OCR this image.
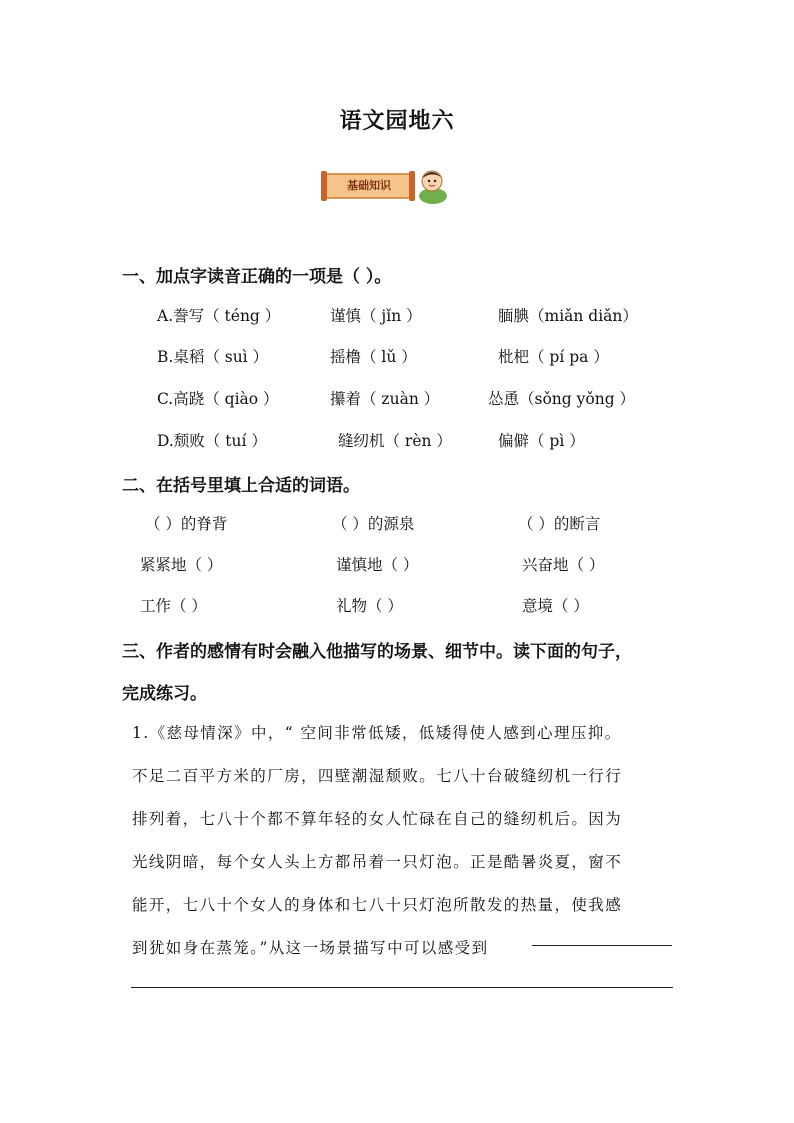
语文园地六
基础知识
一、加点字读音正确的一项是（ ）。
A.誊写（ téng ）	谨慎（ jǐn ）	腼腆（miǎn diǎn）
B.桌稻（ suì ）	摇橹（ lǔ ）	枇杷（ pí pa ）
C.高跷（ qiào ）	攥着（ zuàn ）	怂恿（sǒng yǒng ）
D.颓败（ tuí ）	缝纫机（ rèn ）	偏僻（ pì ）
二、在括号里填上合适的词语。
（ ）的脊背	（ ）的源泉	（ ）的断言
紧紧地（ ）	谨慎地（ ）	兴奋地（ ）
工作（ ）	礼物（ ）	意境（ ）
三、作者的感情有时会融入他描写的场景、细节中。读下面的句子，
完成练习。
1.《慈母情深》中，“ 空间非常低矮，低矮得使人感到心理压抑。
不足二百平方米的厂房，四壁潮湿颓败。七八十台破缝纫机一行行
排列着，七八十个都不算年轻的女人忙碌在自己的缝纫机后。因为
光线阴暗，每个女人头上方都吊着一只灯泡。正是酷暑炎夏，窗不
能开，七八十个女人的身体和七八十只灯泡所散发的热量，使我感
到犹如身在蒸笼。”从这一场景描写中可以感受到
